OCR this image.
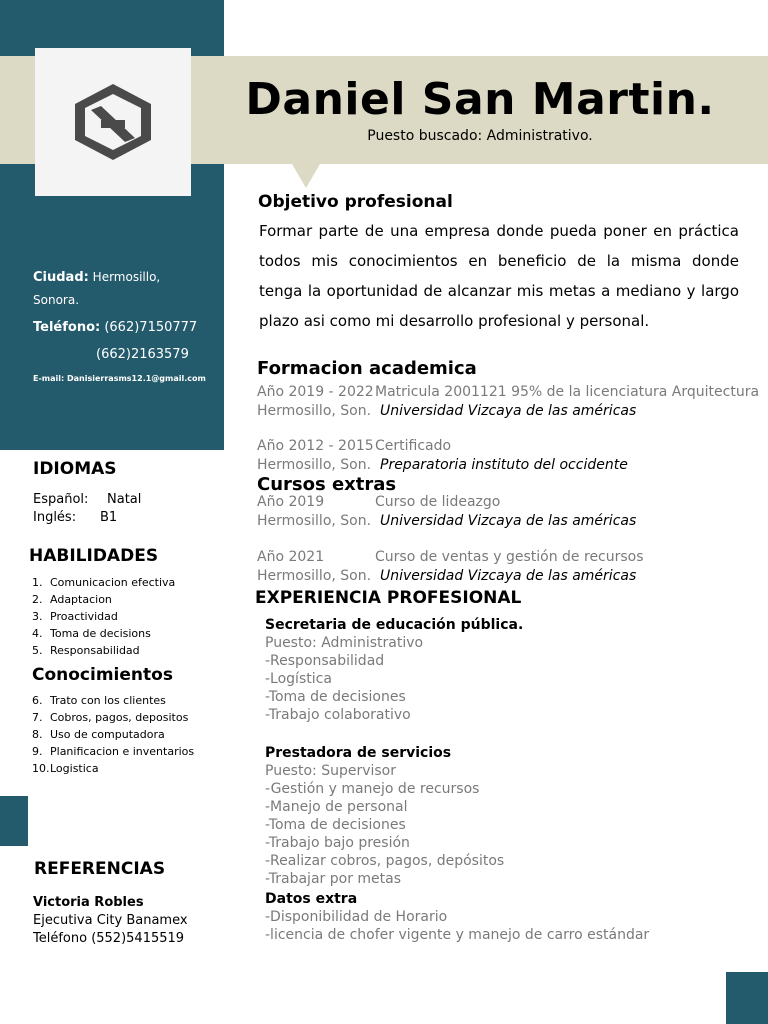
Daniel San Martin.
Puesto buscado: Administrativo.
Ciudad: Hermosillo,
Sonora.
Teléfono: (662)7150777
(662)2163579
E-mail: Danisierrasms12.1@gmail.com
IDIOMAS
Español: Natal
Inglés: B1
HABILIDADES
1. Comunicacion efectiva
2. Adaptacion
3. Proactividad
4. Toma de decisions
5. Responsabilidad
Conocimientos
6. Trato con los clientes
7. Cobros, pagos, depositos
8. Uso de computadora
9. Planificacion e inventarios
10.Logistica
REFERENCIAS
Victoria Robles
Ejecutiva City Banamex
Teléfono (552)5415519
Objetivo profesional
Formar parte de una empresa donde pueda poner en práctica todos mis conocimientos en beneficio de la misma donde tenga la oportunidad de alcanzar mis metas a mediano y largo plazo asi como mi desarrollo profesional y personal.
Formacion academica
Año 2019 - 2022Matricula 2001121 95% de la licenciatura Arquitectura
Hermosillo, Son. Universidad Vizcaya de las américas
Año 2012 - 2015Certificado
Hermosillo, Son. Preparatoria instituto del occidente
Cursos extras
Año 2019	Curso de lideazgo
Hermosillo, Son. Universidad Vizcaya de las américas
Año 2021	Curso de ventas y gestión de recursos
Hermosillo, Son. Universidad Vizcaya de las américas
EXPERIENCIA PROFESIONAL
Secretaria de educación pública.
Puesto: Administrativo
-Responsabilidad
-Logística
-Toma de decisiones
-Trabajo colaborativo
Prestadora de servicios
Puesto: Supervisor
-Gestión y manejo de recursos
-Manejo de personal
-Toma de decisiones
-Trabajo bajo presión
-Realizar cobros, pagos, depósitos
-Trabajar por metas
Datos extra
-Disponibilidad de Horario
-licencia de chofer vigente y manejo de carro estándar
